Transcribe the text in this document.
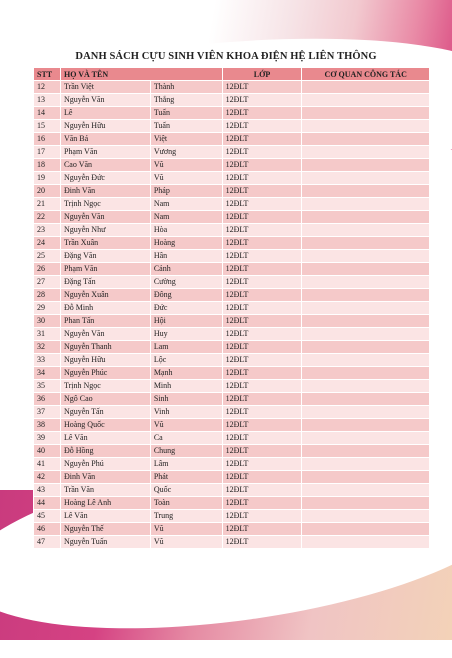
DANH SÁCH CỰU SINH VIÊN KHOA ĐIỆN HỆ LIÊN THÔNG
STT	HỌ VÀ TÊN		LỚP	CƠ QUAN CÔNG TÁC
12	Trần Việt	Thành	12ĐLT	
13	Nguyễn Văn	Thắng	12ĐLT	
14	Lê	Tuấn	12ĐLT	
15	Nguyễn Hữu	Tuấn	12ĐLT	
16	Văn Bá	Việt	12ĐLT	
17	Phạm Văn	Vương	12ĐLT	
18	Cao Văn	Vũ	12ĐLT	
19	Nguyễn Đức	Vũ	12ĐLT	
20	Đinh Văn	Pháp	12ĐLT	
21	Trịnh Ngọc	Nam	12ĐLT	
22	Nguyễn Văn	Nam	12ĐLT	
23	Nguyễn Như	Hòa	12ĐLT	
24	Trần Xuân	Hoàng	12ĐLT	
25	Đặng Văn	Hân	12ĐLT	
26	Phạm Văn	Cảnh	12ĐLT	
27	Đặng Tấn	Cường	12ĐLT	
28	Nguyễn Xuân	Đông	12ĐLT	
29	Đỗ Minh	Đức	12ĐLT	
30	Phan Tấn	Hội	12ĐLT	
31	Nguyễn Văn	Huy	12ĐLT	
32	Nguyễn Thanh	Lam	12ĐLT	
33	Nguyễn Hữu	Lộc	12ĐLT	
34	Nguyễn Phúc	Mạnh	12ĐLT	
35	Trịnh Ngọc	Minh	12ĐLT	
36	Ngô Cao	Sinh	12ĐLT	
37	Nguyễn Tấn	Vinh	12ĐLT	
38	Hoàng Quốc	Vũ	12ĐLT	
39	Lê Văn	Ca	12ĐLT	
40	Đỗ Hồng	Chung	12ĐLT	
41	Nguyễn Phú	Lâm	12ĐLT	
42	Đinh Văn	Phát	12ĐLT	
43	Trần Văn	Quốc	12ĐLT	
44	Hoàng Lê Anh	Toàn	12ĐLT	
45	Lê Văn	Trung	12ĐLT	
46	Nguyễn Thế	Vũ	12ĐLT	
47	Nguyễn Tuấn	Vũ	12ĐLT	
